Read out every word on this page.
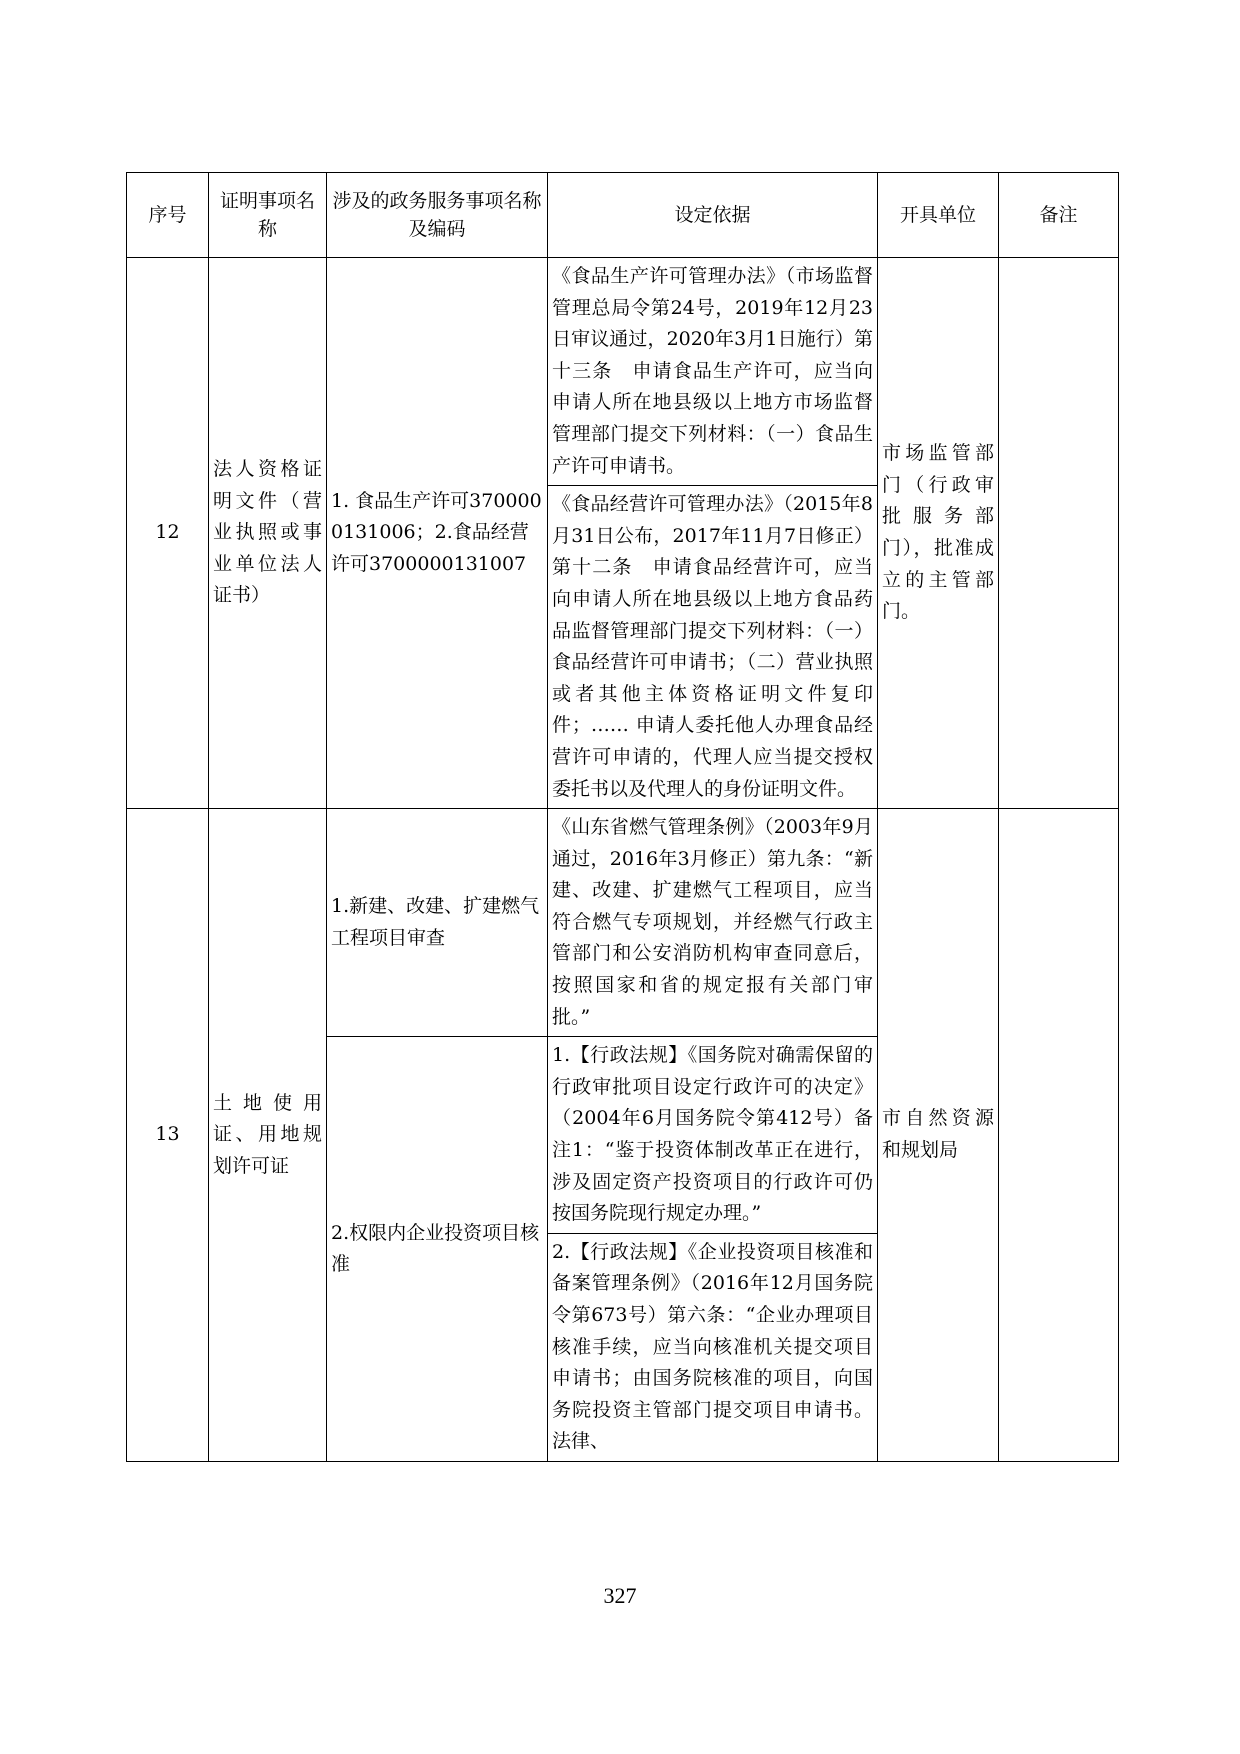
序号	证明事项名称	涉及的政务服务事项名称及编码	设定依据	开具单位	备注
12	法人资格证明文件（营业执照或事业单位法人证书）	1. 食品生产许可3700000131006；2.食品经营许可3700000131007	《食品生产许可管理办法》（市场监督管理总局令第24号，2019年12月23日审议通过，2020年3月1日施行）第十三条　申请食品生产许可，应当向申请人所在地县级以上地方市场监督管理部门提交下列材料：（一）食品生产许可申请书。	市场监管部门（行政审批服务部门），批准成立的主管部门。	
			《食品经营许可管理办法》（2015年8月31日公布，2017年11月7日修正）第十二条　申请食品经营许可，应当向申请人所在地县级以上地方食品药品监督管理部门提交下列材料：（一）食品经营许可申请书；（二）营业执照或者其他主体资格证明文件复印件；…… 申请人委托他人办理食品经营许可申请的，代理人应当提交授权委托书以及代理人的身份证明文件。		
13	土地使用证、用地规划许可证	1.新建、改建、扩建燃气工程项目审查	《山东省燃气管理条例》（2003年9月通过，2016年3月修正）第九条：“新建、改建、扩建燃气工程项目，应当符合燃气专项规划，并经燃气行政主管部门和公安消防机构审查同意后，按照国家和省的规定报有关部门审批。”	市自然资源和规划局	
		2.权限内企业投资项目核准	1.【行政法规】《国务院对确需保留的行政审批项目设定行政许可的决定》（2004年6月国务院令第412号）备注1：“鉴于投资体制改革正在进行，涉及固定资产投资项目的行政许可仍按国务院现行规定办理。”		
			2.【行政法规】《企业投资项目核准和备案管理条例》（2016年12月国务院令第673号）第六条：“企业办理项目核准手续，应当向核准机关提交项目申请书；由国务院核准的项目，向国务院投资主管部门提交项目申请书。法律、		
327
